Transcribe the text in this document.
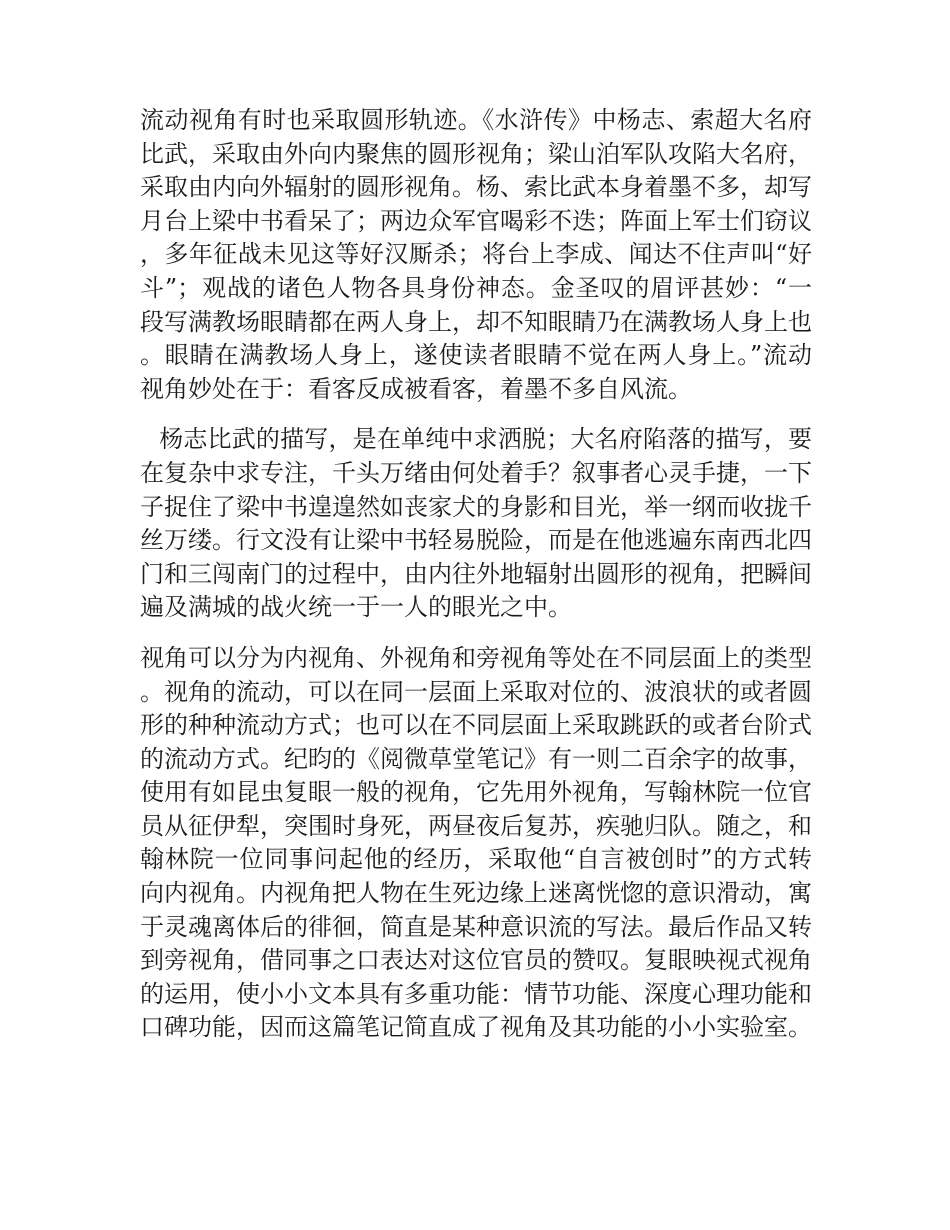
流动视角有时也采取圆形轨迹。《水浒传》中杨志、索超大名府比武，采取由外向内聚焦的圆形视角；梁山泊军队攻陷大名府，采取由内向外辐射的圆形视角。杨、索比武本身着墨不多，却写月台上梁中书看呆了；两边众军官喝彩不迭；阵面上军士们窃议，多年征战未见这等好汉厮杀；将台上李成、闻达不住声叫“好斗”；观战的诸色人物各具身份神态。金圣叹的眉评甚妙：“一段写满教场眼睛都在两人身上，却不知眼睛乃在满教场人身上也。眼睛在满教场人身上，遂使读者眼睛不觉在两人身上。”流动视角妙处在于：看客反成被看客，着墨不多自风流。

杨志比武的描写，是在单纯中求洒脱；大名府陷落的描写，要在复杂中求专注，千头万绪由何处着手？叙事者心灵手捷，一下子捉住了梁中书遑遑然如丧家犬的身影和目光，举一纲而收拢千丝万缕。行文没有让梁中书轻易脱险，而是在他逃遍东南西北四门和三闯南门的过程中，由内往外地辐射出圆形的视角，把瞬间遍及满城的战火统一于一人的眼光之中。

视角可以分为内视角、外视角和旁视角等处在不同层面上的类型。视角的流动，可以在同一层面上采取对位的、波浪状的或者圆形的种种流动方式；也可以在不同层面上采取跳跃的或者台阶式的流动方式。纪昀的《阅微草堂笔记》有一则二百余字的故事，使用有如昆虫复眼一般的视角，它先用外视角，写翰林院一位官员从征伊犁，突围时身死，两昼夜后复苏，疾驰归队。随之，和翰林院一位同事问起他的经历，采取他“自言被创时”的方式转向内视角。内视角把人物在生死边缘上迷离恍惚的意识滑动，寓于灵魂离体后的徘徊，简直是某种意识流的写法。最后作品又转到旁视角，借同事之口表达对这位官员的赞叹。复眼映视式视角的运用，使小小文本具有多重功能：情节功能、深度心理功能和口碑功能，因而这篇笔记简直成了视角及其功能的小小实验室。
